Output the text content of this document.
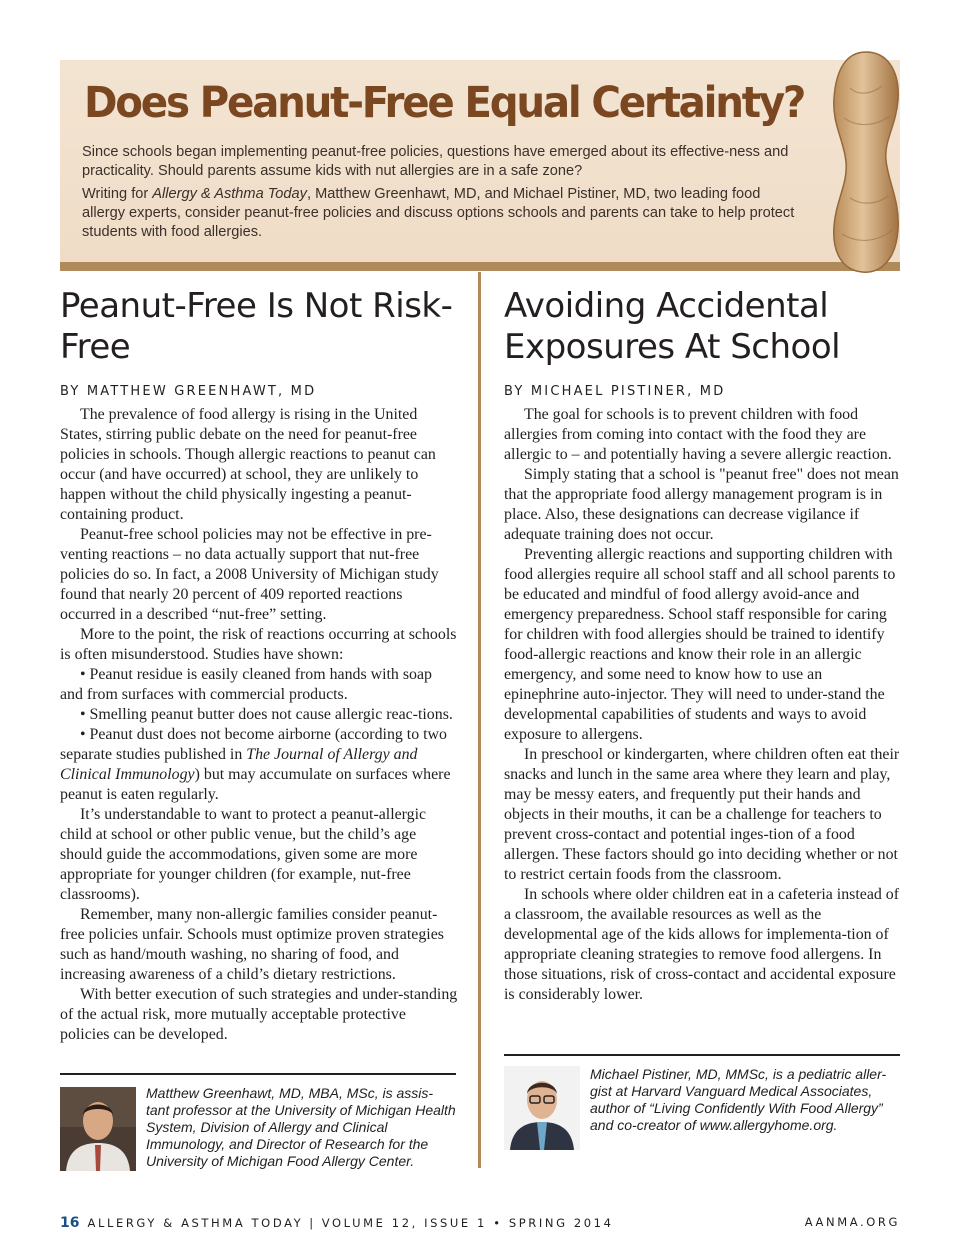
Does Peanut-Free Equal Certainty?

Since schools began implementing peanut-free policies, questions have emerged about its effective-ness and practicality. Should parents assume kids with nut allergies are in a safe zone?

Writing for Allergy & Asthma Today, Matthew Greenhawt, MD, and Michael Pistiner, MD, two leading food allergy experts, consider peanut-free policies and discuss options schools and parents can take to help protect students with food allergies.

Peanut-Free Is Not Risk-Free
BY MATTHEW GREENHAWT, MD

The prevalence of food allergy is rising in the United States, stirring public debate on the need for peanut-free policies in schools. Though allergic reactions to peanut can occur (and have occurred) at school, they are unlikely to happen without the child physically ingesting a peanut-containing product.

Peanut-free school policies may not be effective in pre-venting reactions – no data actually support that nut-free policies do so. In fact, a 2008 University of Michigan study found that nearly 20 percent of 409 reported reactions occurred in a described “nut-free” setting.

More to the point, the risk of reactions occurring at schools is often misunderstood. Studies have shown:

• Peanut residue is easily cleaned from hands with soap and from surfaces with commercial products.

• Smelling peanut butter does not cause allergic reac-tions.

• Peanut dust does not become airborne (according to two separate studies published in The Journal of Allergy and Clinical Immunology) but may accumulate on surfaces where peanut is eaten regularly.

It’s understandable to want to protect a peanut-allergic child at school or other public venue, but the child’s age should guide the accommodations, given some are more appropriate for younger children (for example, nut-free classrooms).

Remember, many non-allergic families consider peanut-free policies unfair. Schools must optimize proven strategies such as hand/mouth washing, no sharing of food, and increasing awareness of a child’s dietary restrictions.

With better execution of such strategies and under-standing of the actual risk, more mutually acceptable protective policies can be developed.

Avoiding Accidental Exposures At School
BY MICHAEL PISTINER, MD

The goal for schools is to prevent children with food allergies from coming into contact with the food they are allergic to – and potentially having a severe allergic reaction.

Simply stating that a school is "peanut free" does not mean that the appropriate food allergy management program is in place. Also, these designations can decrease vigilance if adequate training does not occur.

Preventing allergic reactions and supporting children with food allergies require all school staff and all school parents to be educated and mindful of food allergy avoid-ance and emergency preparedness. School staff responsible for caring for children with food allergies should be trained to identify food-allergic reactions and know their role in an allergic emergency, and some need to know how to use an epinephrine auto-injector. They will need to under-stand the developmental capabilities of students and ways to avoid exposure to allergens.

In preschool or kindergarten, where children often eat their snacks and lunch in the same area where they learn and play, may be messy eaters, and frequently put their hands and objects in their mouths, it can be a challenge for teachers to prevent cross-contact and potential inges-tion of a food allergen. These factors should go into deciding whether or not to restrict certain foods from the classroom.

In schools where older children eat in a cafeteria instead of a classroom, the available resources as well as the developmental age of the kids allows for implementa-tion of appropriate cleaning strategies to remove food allergens. In those situations, risk of cross-contact and accidental exposure is considerably lower.

Matthew Greenhawt, MD, MBA, MSc, is assis-tant professor at the University of Michigan Health System, Division of Allergy and Clinical Immunology, and Director of Research for the University of Michigan Food Allergy Center.
Michael Pistiner, MD, MMSc, is a pediatric aller-gist at Harvard Vanguard Medical Associates, author of “Living Confidently With Food Allergy” and co-creator of www.allergyhome.org.
16 ALLERGY & ASTHMA TODAY | VOLUME 12, ISSUE 1 • SPRING 2014	AANMA.ORG
